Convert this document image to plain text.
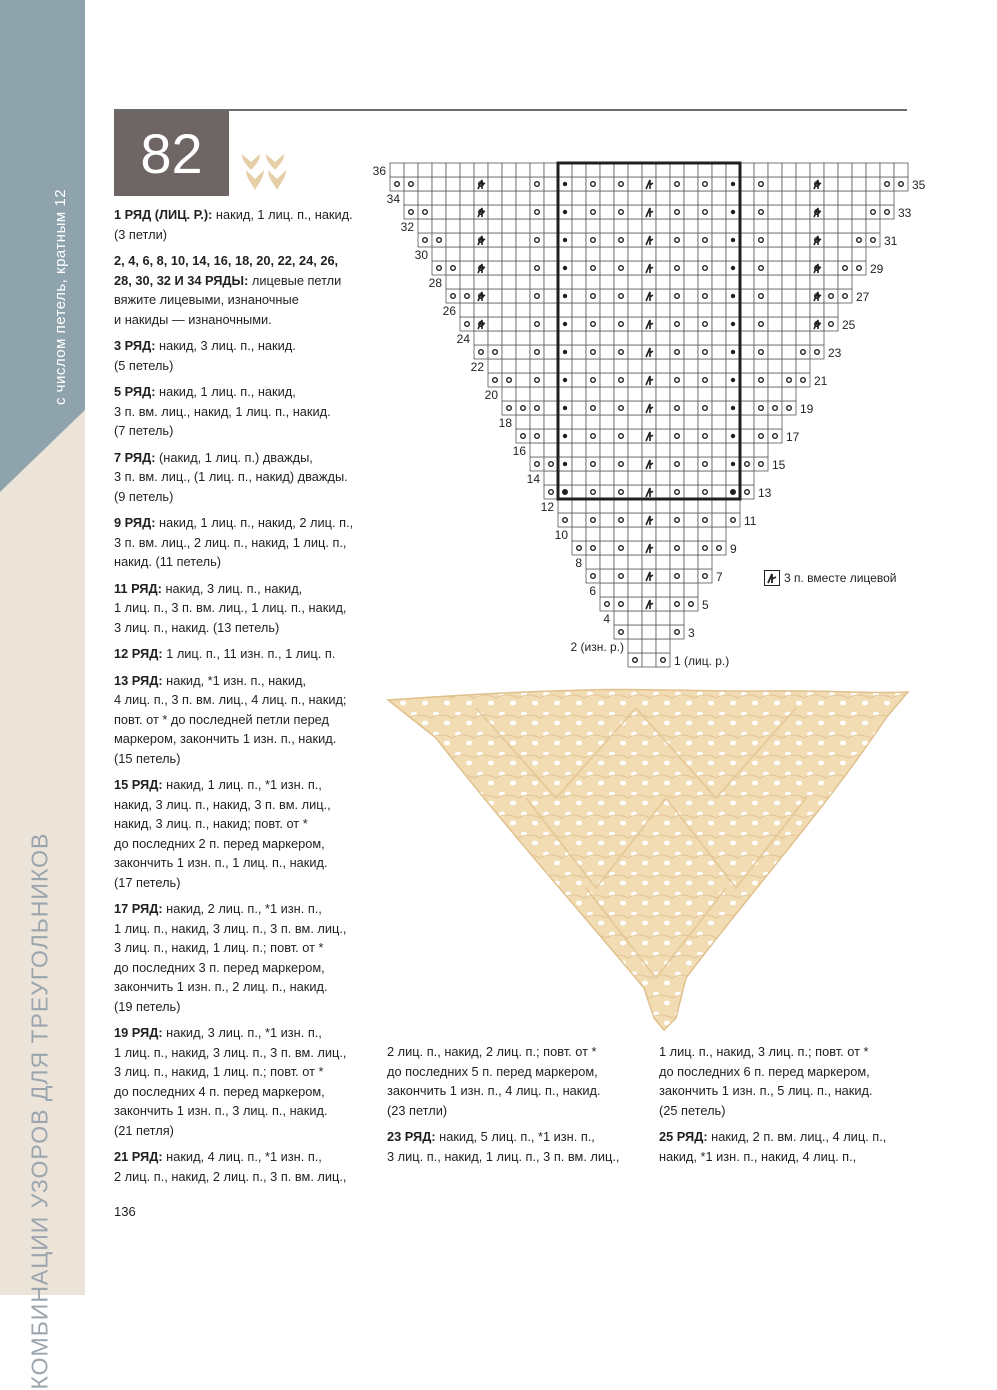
КОМБИНАЦИИ УЗОРОВ ДЛЯ ТРЕУГОЛЬНИКОВ
с числом петель, кратным 12
82

1 РЯД (ЛИЦ. Р.): накид, 1 лиц. п., накид.
(3 петли)

2, 4, 6, 8, 10, 14, 16, 18, 20, 22, 24, 26,
28, 30, 32 И 34 РЯДЫ: лицевые петли
вяжите лицевыми, изнаночные
и накиды — изнаночными.

3 РЯД: накид, 3 лиц. п., накид.
(5 петель)

5 РЯД: накид, 1 лиц. п., накид,
3 п. вм. лиц., накид, 1 лиц. п., накид.
(7 петель)

7 РЯД: (накид, 1 лиц. п.) дважды,
3 п. вм. лиц., (1 лиц. п., накид) дважды.
(9 петель)

9 РЯД: накид, 1 лиц. п., накид, 2 лиц. п.,
3 п. вм. лиц., 2 лиц. п., накид, 1 лиц. п.,
накид. (11 петель)

11 РЯД: накид, 3 лиц. п., накид,
1 лиц. п., 3 п. вм. лиц., 1 лиц. п., накид,
3 лиц. п., накид. (13 петель)

12 РЯД: 1 лиц. п., 11 изн. п., 1 лиц. п.

13 РЯД: накид, *1 изн. п., накид,
4 лиц. п., 3 п. вм. лиц., 4 лиц. п., накид;
повт. от * до последней петли перед
маркером, закончить 1 изн. п., накид.
(15 петель)

15 РЯД: накид, 1 лиц. п., *1 изн. п.,
накид, 3 лиц. п., накид, 3 п. вм. лиц.,
накид, 3 лиц. п., накид; повт. от *
до последних 2 п. перед маркером,
закончить 1 изн. п., 1 лиц. п., накид.
(17 петель)

17 РЯД: накид, 2 лиц. п., *1 изн. п.,
1 лиц. п., накид, 3 лиц. п., 3 п. вм. лиц.,
3 лиц. п., накид, 1 лиц. п.; повт. от *
до последних 3 п. перед маркером,
закончить 1 изн. п., 2 лиц. п., накид.
(19 петель)

19 РЯД: накид, 3 лиц. п., *1 изн. п.,
1 лиц. п., накид, 3 лиц. п., 3 п. вм. лиц.,
3 лиц. п., накид, 1 лиц. п.; повт. от *
до последних 4 п. перед маркером,
закончить 1 изн. п., 3 лиц. п., накид.
(21 петля)

21 РЯД: накид, 4 лиц. п., *1 изн. п.,
2 лиц. п., накид, 2 лиц. п., 3 п. вм. лиц.,

2 лиц. п., накид, 2 лиц. п.; повт. от *
до последних 5 п. перед маркером,
закончить 1 изн. п., 4 лиц. п., накид.
(23 петли)

23 РЯД: накид, 5 лиц. п., *1 изн. п.,
3 лиц. п., накид, 1 лиц. п., 3 п. вм. лиц.,

1 лиц. п., накид, 3 лиц. п.; повт. от *
до последних 6 п. перед маркером,
закончить 1 изн. п., 5 лиц. п., накид.
(25 петель)

25 РЯД: накид, 2 п. вм. лиц., 4 лиц. п.,
накид, *1 изн. п., накид, 4 лиц. п.,

1 (лиц. р.)
2 (изн. р.)
3
4
5
6
7
8
9
10
11
12
13
14
15
16
17
18
19
20
21
22
23
24
25
26
27
28
29
30
31
32
33
34
35
36
3 п. вместе лицевой
136
